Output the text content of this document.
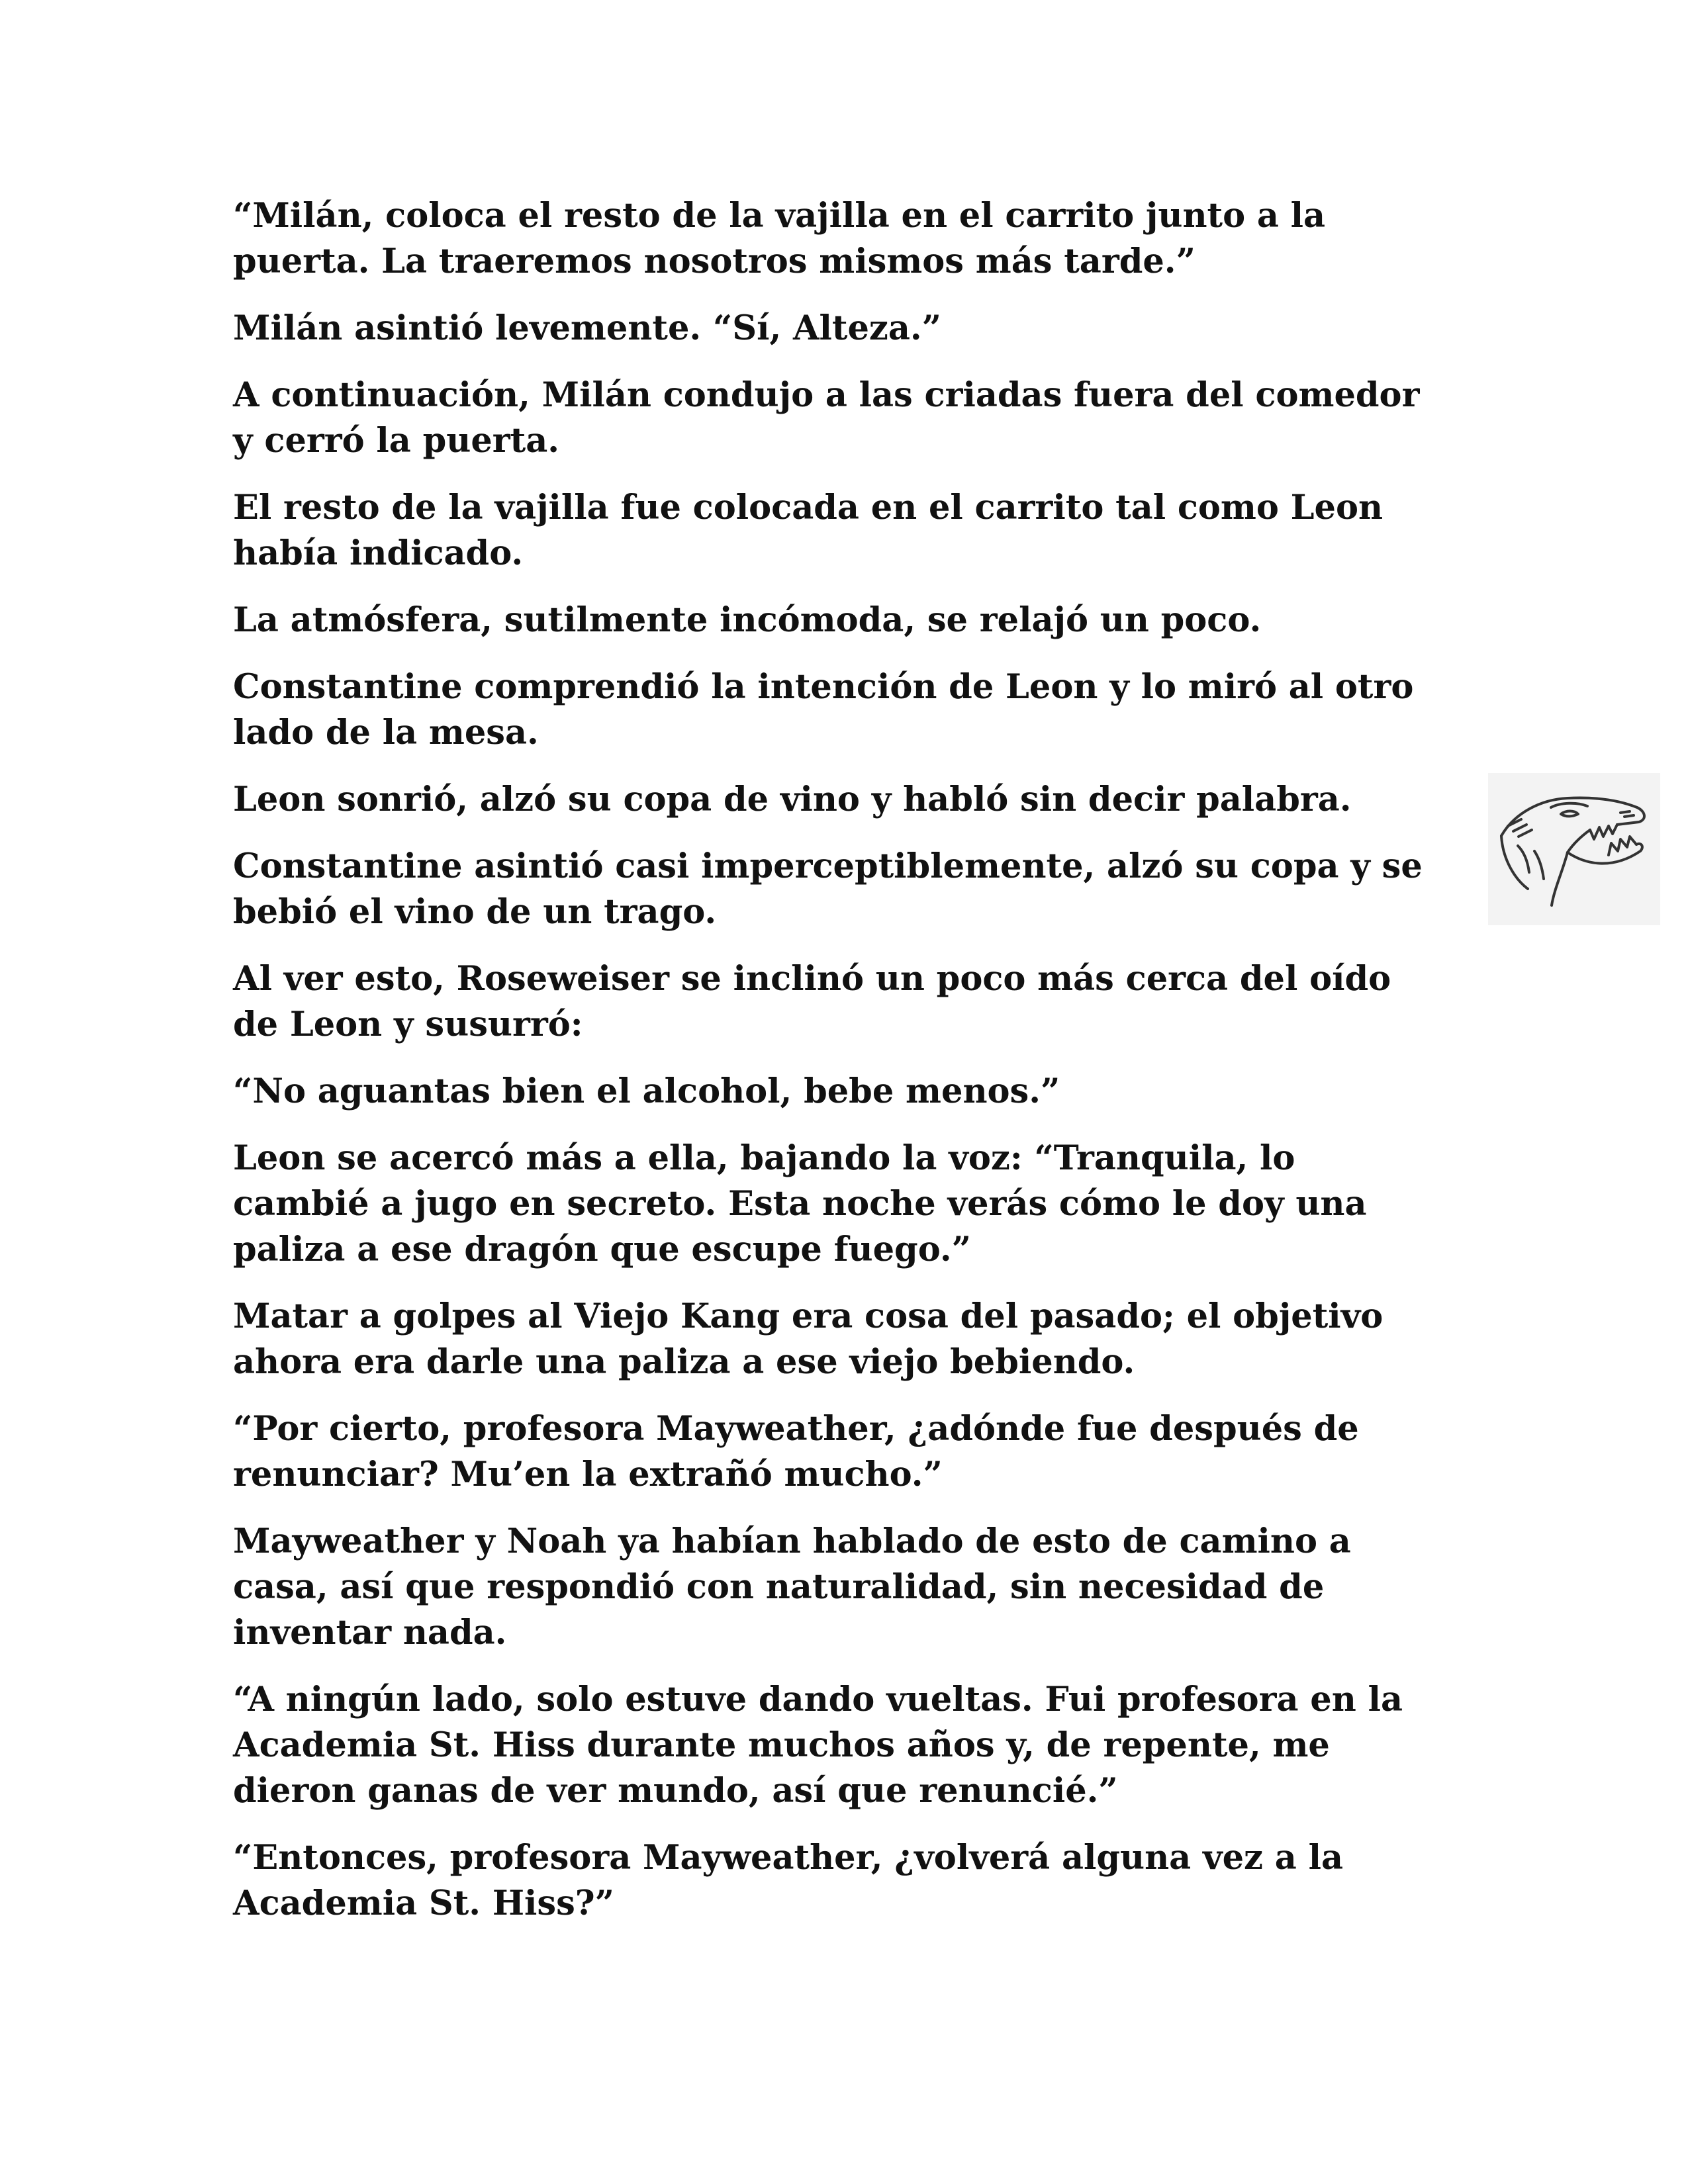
“Milán, coloca el resto de la vajilla en el carrito junto a la
puerta. La traeremos nosotros mismos más tarde.”

Milán asintió levemente. “Sí, Alteza.”

A continuación, Milán condujo a las criadas fuera del comedor
y cerró la puerta.

El resto de la vajilla fue colocada en el carrito tal como Leon
había indicado.

La atmósfera, sutilmente incómoda, se relajó un poco.

Constantine comprendió la intención de Leon y lo miró al otro
lado de la mesa.

Leon sonrió, alzó su copa de vino y habló sin decir palabra.

Constantine asintió casi imperceptiblemente, alzó su copa y se
bebió el vino de un trago.

Al ver esto, Roseweiser se inclinó un poco más cerca del oído
de Leon y susurró:

“No aguantas bien el alcohol, bebe menos.”

Leon se acercó más a ella, bajando la voz: “Tranquila, lo
cambié a jugo en secreto. Esta noche verás cómo le doy una
paliza a ese dragón que escupe fuego.”

Matar a golpes al Viejo Kang era cosa del pasado; el objetivo
ahora era darle una paliza a ese viejo bebiendo.

“Por cierto, profesora Mayweather, ¿adónde fue después de
renunciar? Mu’en la extrañó mucho.”

Mayweather y Noah ya habían hablado de esto de camino a
casa, así que respondió con naturalidad, sin necesidad de
inventar nada.

“A ningún lado, solo estuve dando vueltas. Fui profesora en la
Academia St. Hiss durante muchos años y, de repente, me
dieron ganas de ver mundo, así que renuncié.”

“Entonces, profesora Mayweather, ¿volverá alguna vez a la
Academia St. Hiss?”
